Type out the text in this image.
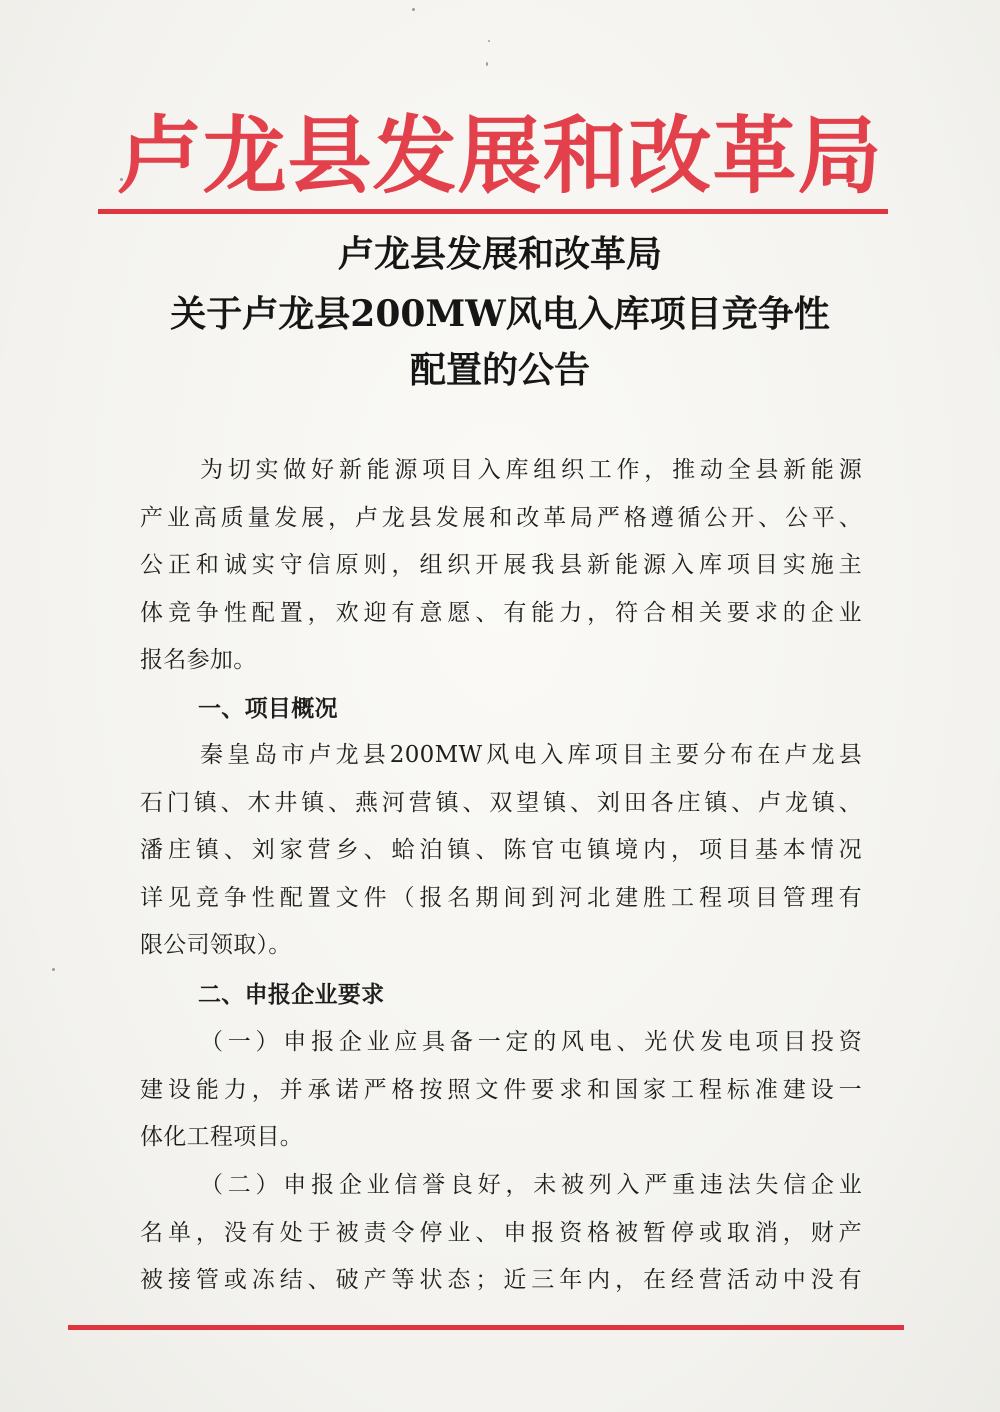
卢龙县发展和改革局
卢龙县发展和改革局
关于卢龙县200MW风电入库项目竞争性
配置的公告
为切实做好新能源项目入库组织工作，推动全县新能源
产业高质量发展，卢龙县发展和改革局严格遵循公开、公平、
公正和诚实守信原则，组织开展我县新能源入库项目实施主
体竞争性配置，欢迎有意愿、有能力，符合相关要求的企业
报名参加。
一、项目概况
秦皇岛市卢龙县200MW风电入库项目主要分布在卢龙县
石门镇、木井镇、燕河营镇、双望镇、刘田各庄镇、卢龙镇、
潘庄镇、刘家营乡、蛤泊镇、陈官屯镇境内，项目基本情况
详见竞争性配置文件（报名期间到河北建胜工程项目管理有
限公司领取）。
二、申报企业要求
（一）申报企业应具备一定的风电、光伏发电项目投资
建设能力，并承诺严格按照文件要求和国家工程标准建设一
体化工程项目。
（二）申报企业信誉良好，未被列入严重违法失信企业
名单，没有处于被责令停业、申报资格被暂停或取消，财产
被接管或冻结、破产等状态；近三年内，在经营活动中没有
